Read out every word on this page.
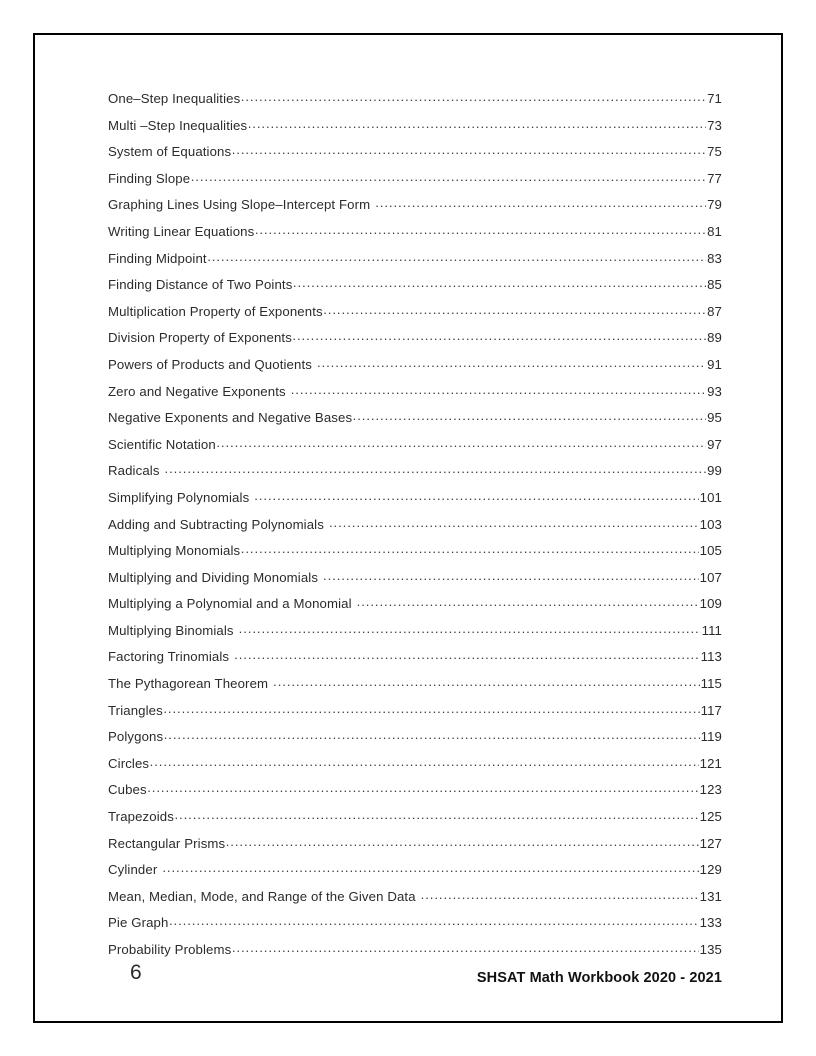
One–Step Inequalities .....	71
Multi –Step Inequalities .....	73
System of Equations .....	75
Finding Slope .....	77
Graphing Lines Using Slope–Intercept Form .....	79
Writing Linear Equations .....	81
Finding Midpoint .....	83
Finding Distance of Two Points .....	85
Multiplication Property of Exponents .....	87
Division Property of Exponents .....	89
Powers of Products and Quotients .....	91
Zero and Negative Exponents .....	93
Negative Exponents and Negative Bases .....	95
Scientific Notation .....	97
Radicals .....	99
Simplifying Polynomials .....	101
Adding and Subtracting Polynomials .....	103
Multiplying Monomials .....	105
Multiplying and Dividing Monomials .....	107
Multiplying a Polynomial and a Monomial .....	109
Multiplying Binomials .....	111
Factoring Trinomials .....	113
The Pythagorean Theorem .....	115
Triangles .....	117
Polygons .....	119
Circles .....	121
Cubes .....	123
Trapezoids .....	125
Rectangular Prisms .....	127
Cylinder .....	129
Mean, Median, Mode, and Range of the Given Data .....	131
Pie Graph .....	133
Probability Problems .....	135
6	SHSAT Math Workbook 2020 - 2021
